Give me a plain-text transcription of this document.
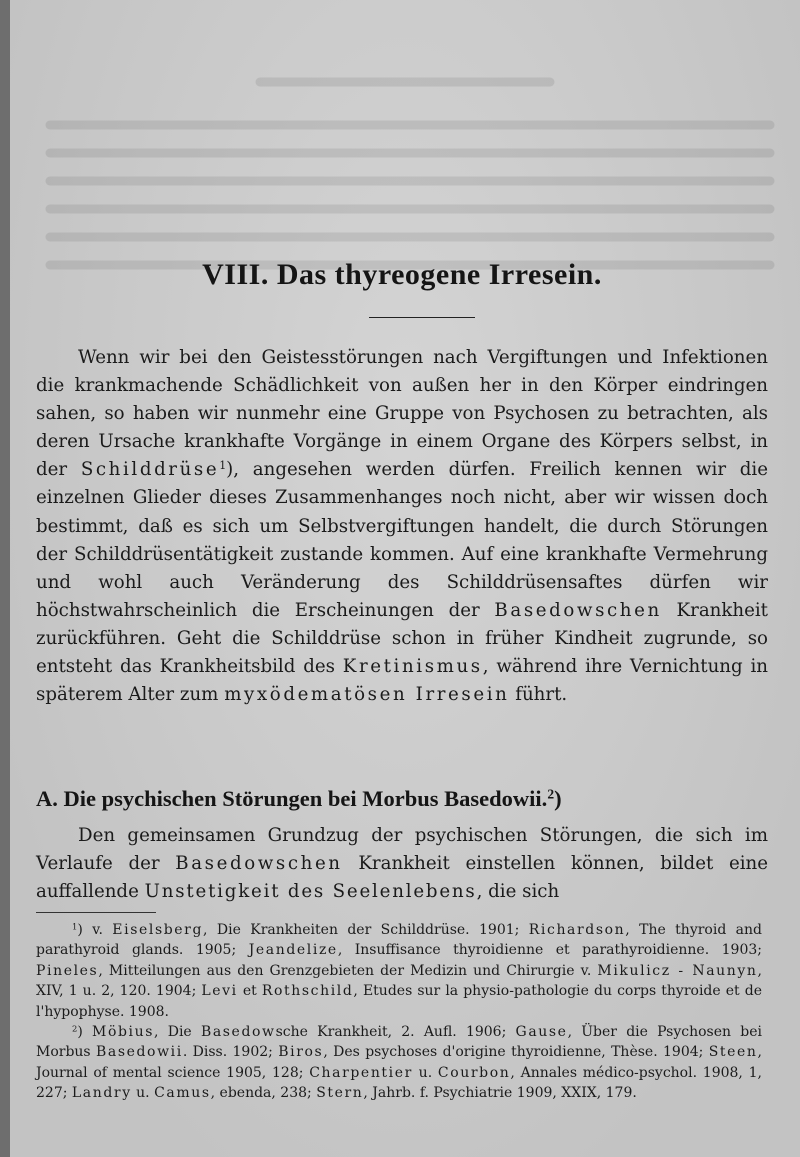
VIII. Das thyreogene Irresein.

Wenn wir bei den Geistesstörungen nach Vergiftungen und Infektionen die krankmachende Schädlichkeit von außen her in den Körper eindringen sahen, so haben wir nunmehr eine Gruppe von Psychosen zu betrachten, als deren Ursache krankhafte Vorgänge in einem Organe des Körpers selbst, in der Schilddrüse$^1$), angesehen werden dürfen. Freilich kennen wir die einzelnen Glieder dieses Zusammenhanges noch nicht, aber wir wissen doch bestimmt, daß es sich um Selbstvergiftungen handelt, die durch Störungen der Schilddrüsentätigkeit zustande kommen. Auf eine krankhafte Vermehrung und wohl auch Veränderung des Schilddrüsensaftes dürfen wir höchstwahrscheinlich die Erscheinungen der Basedowschen Krankheit zurückführen. Geht die Schilddrüse schon in früher Kindheit zugrunde, so entsteht das Krankheitsbild des Kretinismus, während ihre Vernichtung in späterem Alter zum myxödematösen Irresein führt.

A. Die psychischen Störungen bei Morbus Basedowii.$^2$)

Den gemeinsamen Grundzug der psychischen Störungen, die sich im Verlaufe der Basedowschen Krankheit einstellen können, bildet eine auffallende Unstetigkeit des Seelenlebens, die sich

$^1$) v. Eiselsberg, Die Krankheiten der Schilddrüse. 1901; Richardson, The thyroid and parathyroid glands. 1905; Jeandelize, Insuffisance thyroidienne et parathyroidienne. 1903; Pineles, Mitteilungen aus den Grenzgebieten der Medizin und Chirurgie v. Mikulicz - Naunyn, XIV, 1 u. 2, 120. 1904; Levi et Rothschild, Etudes sur la physio-pathologie du corps thyroide et de l'hypophyse. 1908.

$^2$) Möbius, Die Basedowsche Krankheit, 2. Aufl. 1906; Gause, Über die Psychosen bei Morbus Basedowii. Diss. 1902; Biros, Des psychoses d'origine thyroidienne, Thèse. 1904; Steen, Journal of mental science 1905, 128; Charpentier u. Courbon, Annales médico-psychol. 1908, 1, 227; Landry u. Camus, ebenda, 238; Stern, Jahrb. f. Psychiatrie 1909, XXIX, 179.
